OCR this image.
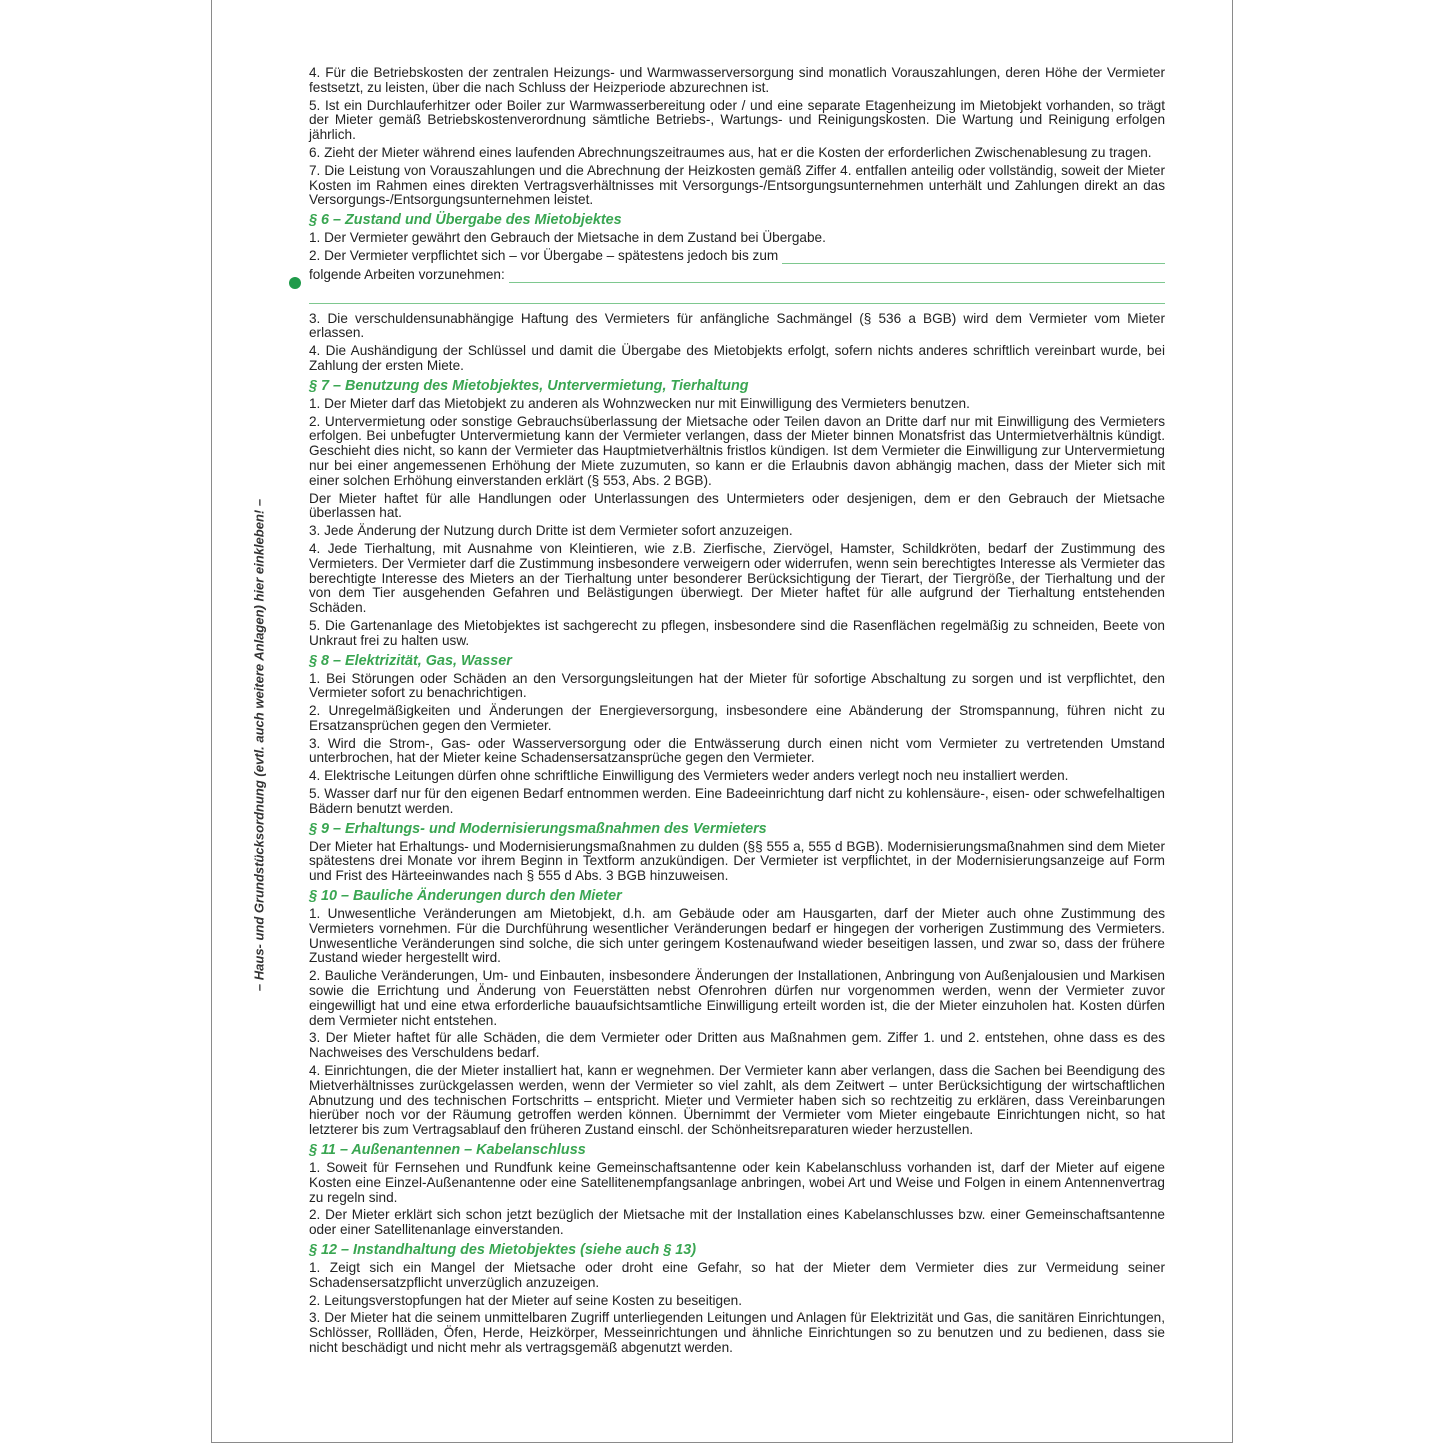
– Haus- und Grundstücksordnung (evtl. auch weitere Anlagen) hier einkleben! –

4. Für die Betriebskosten der zentralen Heizungs- und Warmwasserversorgung sind monatlich Vorauszahlungen, deren Höhe der Vermieter festsetzt, zu leisten, über die nach Schluss der Heizperiode abzurechnen ist.

5. Ist ein Durchlauferhitzer oder Boiler zur Warmwasserbereitung oder / und eine separate Etagenheizung im Mietobjekt vorhanden, so trägt der Mieter gemäß Betriebskostenverordnung sämtliche Betriebs-, Wartungs- und Reinigungskosten. Die Wartung und Reinigung erfolgen jährlich.

6. Zieht der Mieter während eines laufenden Abrechnungszeitraumes aus, hat er die Kosten der erforderlichen Zwischenablesung zu tragen.

7. Die Leistung von Vorauszahlungen und die Abrechnung der Heizkosten gemäß Ziffer 4. entfallen anteilig oder vollständig, soweit der Mieter Kosten im Rahmen eines direkten Vertragsverhältnisses mit Versorgungs-/Entsorgungsunternehmen unterhält und Zahlungen direkt an das Versorgungs-/Entsorgungsunternehmen leistet.

§ 6 – Zustand und Übergabe des Mietobjektes

1. Der Vermieter gewährt den Gebrauch der Mietsache in dem Zustand bei Übergabe.

2. Der Vermieter verpflichtet sich – vor Übergabe – spätestens jedoch bis zum
folgende Arbeiten vorzunehmen:

3. Die verschuldensunabhängige Haftung des Vermieters für anfängliche Sachmängel (§ 536 a BGB) wird dem Vermieter vom Mieter erlassen.

4. Die Aushändigung der Schlüssel und damit die Übergabe des Mietobjekts erfolgt, sofern nichts anderes schriftlich vereinbart wurde, bei Zahlung der ersten Miete.

§ 7 – Benutzung des Mietobjektes, Untervermietung, Tierhaltung

1. Der Mieter darf das Mietobjekt zu anderen als Wohnzwecken nur mit Einwilligung des Vermieters benutzen.

2. Untervermietung oder sonstige Gebrauchsüberlassung der Mietsache oder Teilen davon an Dritte darf nur mit Einwilligung des Vermieters erfolgen. Bei unbefugter Untervermietung kann der Vermieter verlangen, dass der Mieter binnen Monatsfrist das Untermietverhältnis kündigt. Geschieht dies nicht, so kann der Vermieter das Hauptmietverhältnis fristlos kündigen. Ist dem Vermieter die Einwilligung zur Untervermietung nur bei einer angemessenen Erhöhung der Miete zuzumuten, so kann er die Erlaubnis davon abhängig machen, dass der Mieter sich mit einer solchen Erhöhung einverstanden erklärt (§ 553, Abs. 2 BGB).

Der Mieter haftet für alle Handlungen oder Unterlassungen des Untermieters oder desjenigen, dem er den Gebrauch der Mietsache überlassen hat.

3. Jede Änderung der Nutzung durch Dritte ist dem Vermieter sofort anzuzeigen.

4. Jede Tierhaltung, mit Ausnahme von Kleintieren, wie z.B. Zierfische, Ziervögel, Hamster, Schildkröten, bedarf der Zustimmung des Vermieters. Der Vermieter darf die Zustimmung insbesondere verweigern oder widerrufen, wenn sein berechtigtes Interesse als Vermieter das berechtigte Interesse des Mieters an der Tierhaltung unter besonderer Berücksichtigung der Tierart, der Tiergröße, der Tierhaltung und der von dem Tier ausgehenden Gefahren und Belästigungen überwiegt. Der Mieter haftet für alle aufgrund der Tierhaltung entstehenden Schäden.

5. Die Gartenanlage des Mietobjektes ist sachgerecht zu pflegen, insbesondere sind die Rasenflächen regelmäßig zu schneiden, Beete von Unkraut frei zu halten usw.

§ 8 – Elektrizität, Gas, Wasser

1. Bei Störungen oder Schäden an den Versorgungsleitungen hat der Mieter für sofortige Abschaltung zu sorgen und ist verpflichtet, den Vermieter sofort zu benachrichtigen.

2. Unregelmäßigkeiten und Änderungen der Energieversorgung, insbesondere eine Abänderung der Stromspannung, führen nicht zu Ersatzansprüchen gegen den Vermieter.

3. Wird die Strom-, Gas- oder Wasserversorgung oder die Entwässerung durch einen nicht vom Vermieter zu vertretenden Umstand unterbrochen, hat der Mieter keine Schadensersatzansprüche gegen den Vermieter.

4. Elektrische Leitungen dürfen ohne schriftliche Einwilligung des Vermieters weder anders verlegt noch neu installiert werden.

5. Wasser darf nur für den eigenen Bedarf entnommen werden. Eine Badeeinrichtung darf nicht zu kohlensäure-, eisen- oder schwefelhaltigen Bädern benutzt werden.

§ 9 – Erhaltungs- und Modernisierungsmaßnahmen des Vermieters

Der Mieter hat Erhaltungs- und Modernisierungsmaßnahmen zu dulden (§§ 555 a, 555 d BGB). Modernisierungsmaßnahmen sind dem Mieter spätestens drei Monate vor ihrem Beginn in Textform anzukündigen. Der Vermieter ist verpflichtet, in der Modernisierungsanzeige auf Form und Frist des Härteeinwandes nach § 555 d Abs. 3 BGB hinzuweisen.

§ 10 – Bauliche Änderungen durch den Mieter

1. Unwesentliche Veränderungen am Mietobjekt, d.h. am Gebäude oder am Hausgarten, darf der Mieter auch ohne Zustimmung des Vermieters vornehmen. Für die Durchführung wesentlicher Veränderungen bedarf er hingegen der vorherigen Zustimmung des Vermieters. Unwesentliche Veränderungen sind solche, die sich unter geringem Kostenaufwand wieder beseitigen lassen, und zwar so, dass der frühere Zustand wieder hergestellt wird.

2. Bauliche Veränderungen, Um- und Einbauten, insbesondere Änderungen der Installationen, Anbringung von Außenjalousien und Markisen sowie die Errichtung und Änderung von Feuerstätten nebst Ofenrohren dürfen nur vorgenommen werden, wenn der Vermieter zuvor eingewilligt hat und eine etwa erforderliche bauaufsichtsamtliche Einwilligung erteilt worden ist, die der Mieter einzuholen hat. Kosten dürfen dem Vermieter nicht entstehen.

3. Der Mieter haftet für alle Schäden, die dem Vermieter oder Dritten aus Maßnahmen gem. Ziffer 1. und 2. entstehen, ohne dass es des Nachweises des Verschuldens bedarf.

4. Einrichtungen, die der Mieter installiert hat, kann er wegnehmen. Der Vermieter kann aber verlangen, dass die Sachen bei Beendigung des Mietverhältnisses zurückgelassen werden, wenn der Vermieter so viel zahlt, als dem Zeitwert – unter Berücksichtigung der wirtschaftlichen Abnutzung und des technischen Fortschritts – entspricht. Mieter und Vermieter haben sich so rechtzeitig zu erklären, dass Vereinbarungen hierüber noch vor der Räumung getroffen werden können. Übernimmt der Vermieter vom Mieter eingebaute Einrichtungen nicht, so hat letzterer bis zum Vertragsablauf den früheren Zustand einschl. der Schönheitsreparaturen wieder herzustellen.

§ 11 – Außenantennen – Kabelanschluss

1. Soweit für Fernsehen und Rundfunk keine Gemeinschaftsantenne oder kein Kabelanschluss vorhanden ist, darf der Mieter auf eigene Kosten eine Einzel-Außenantenne oder eine Satellitenempfangsanlage anbringen, wobei Art und Weise und Folgen in einem Antennenvertrag zu regeln sind.

2. Der Mieter erklärt sich schon jetzt bezüglich der Mietsache mit der Installation eines Kabelanschlusses bzw. einer Gemeinschaftsantenne oder einer Satellitenanlage einverstanden.

§ 12 – Instandhaltung des Mietobjektes (siehe auch § 13)

1. Zeigt sich ein Mangel der Mietsache oder droht eine Gefahr, so hat der Mieter dem Vermieter dies zur Vermeidung seiner Schadensersatzpflicht unverzüglich anzuzeigen.

2. Leitungsverstopfungen hat der Mieter auf seine Kosten zu beseitigen.

3. Der Mieter hat die seinem unmittelbaren Zugriff unterliegenden Leitungen und Anlagen für Elektrizität und Gas, die sanitären Einrichtungen, Schlösser, Rollläden, Öfen, Herde, Heizkörper, Messeinrichtungen und ähnliche Einrichtungen so zu benutzen und zu bedienen, dass sie nicht beschädigt und nicht mehr als vertragsgemäß abgenutzt werden.
